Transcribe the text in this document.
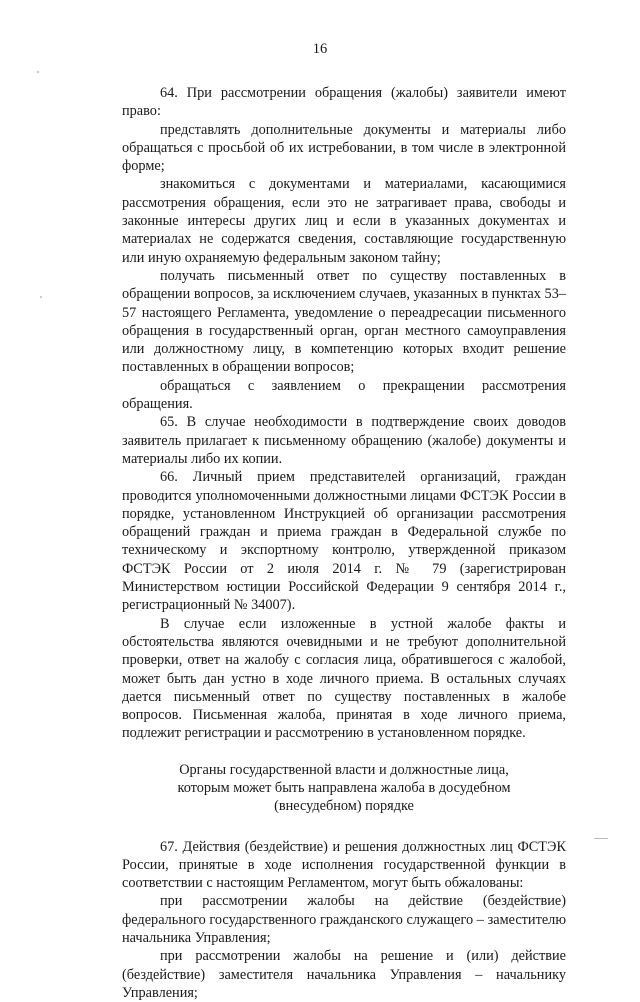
16

64. При рассмотрении обращения (жалобы) заявители имеют право:

представлять дополнительные документы и материалы либо обращаться с просьбой об их истребовании, в том числе в электронной форме;

знакомиться с документами и материалами, касающимися рассмотрения обращения, если это не затрагивает права, свободы и законные интересы других лиц и если в указанных документах и материалах не содержатся сведения, составляющие государственную или иную охраняемую федеральным законом тайну;

получать письменный ответ по существу поставленных в обращении вопросов, за исключением случаев, указанных в пунктах 53–57 настоящего Регламента, уведомление о переадресации письменного обращения в государственный орган, орган местного самоуправления или должностному лицу, в компетенцию которых входит решение поставленных в обращении вопросов;

обращаться с заявлением о прекращении рассмотрения обращения.

65. В случае необходимости в подтверждение своих доводов заявитель прилагает к письменному обращению (жалобе) документы и материалы либо их копии.

66. Личный прием представителей организаций, граждан проводится уполномоченными должностными лицами ФСТЭК России в порядке, установленном Инструкцией об организации рассмотрения обращений граждан и приема граждан в Федеральной службе по техническому и экспортному контролю, утвержденной приказом ФСТЭК России от 2 июля 2014 г. № 79 (зарегистрирован Министерством юстиции Российской Федерации 9 сентября 2014 г., регистрационный № 34007).

В случае если изложенные в устной жалобе факты и обстоятельства являются очевидными и не требуют дополнительной проверки, ответ на жалобу с согласия лица, обратившегося с жалобой, может быть дан устно в ходе личного приема. В остальных случаях дается письменный ответ по существу поставленных в жалобе вопросов. Письменная жалоба, принятая в ходе личного приема, подлежит регистрации и рассмотрению в установленном порядке.

Органы государственной власти и должностные лица,
которым может быть направлена жалоба в досудебном
(внесудебном) порядке

67. Действия (бездействие) и решения должностных лиц ФСТЭК России, принятые в ходе исполнения государственной функции в соответствии с настоящим Регламентом, могут быть обжалованы:

при рассмотрении жалобы на действие (бездействие) федерального государственного гражданского служащего – заместителю начальника Управления;

при рассмотрении жалобы на решение и (или) действие (бездействие) заместителя начальника Управления – начальнику Управления;
